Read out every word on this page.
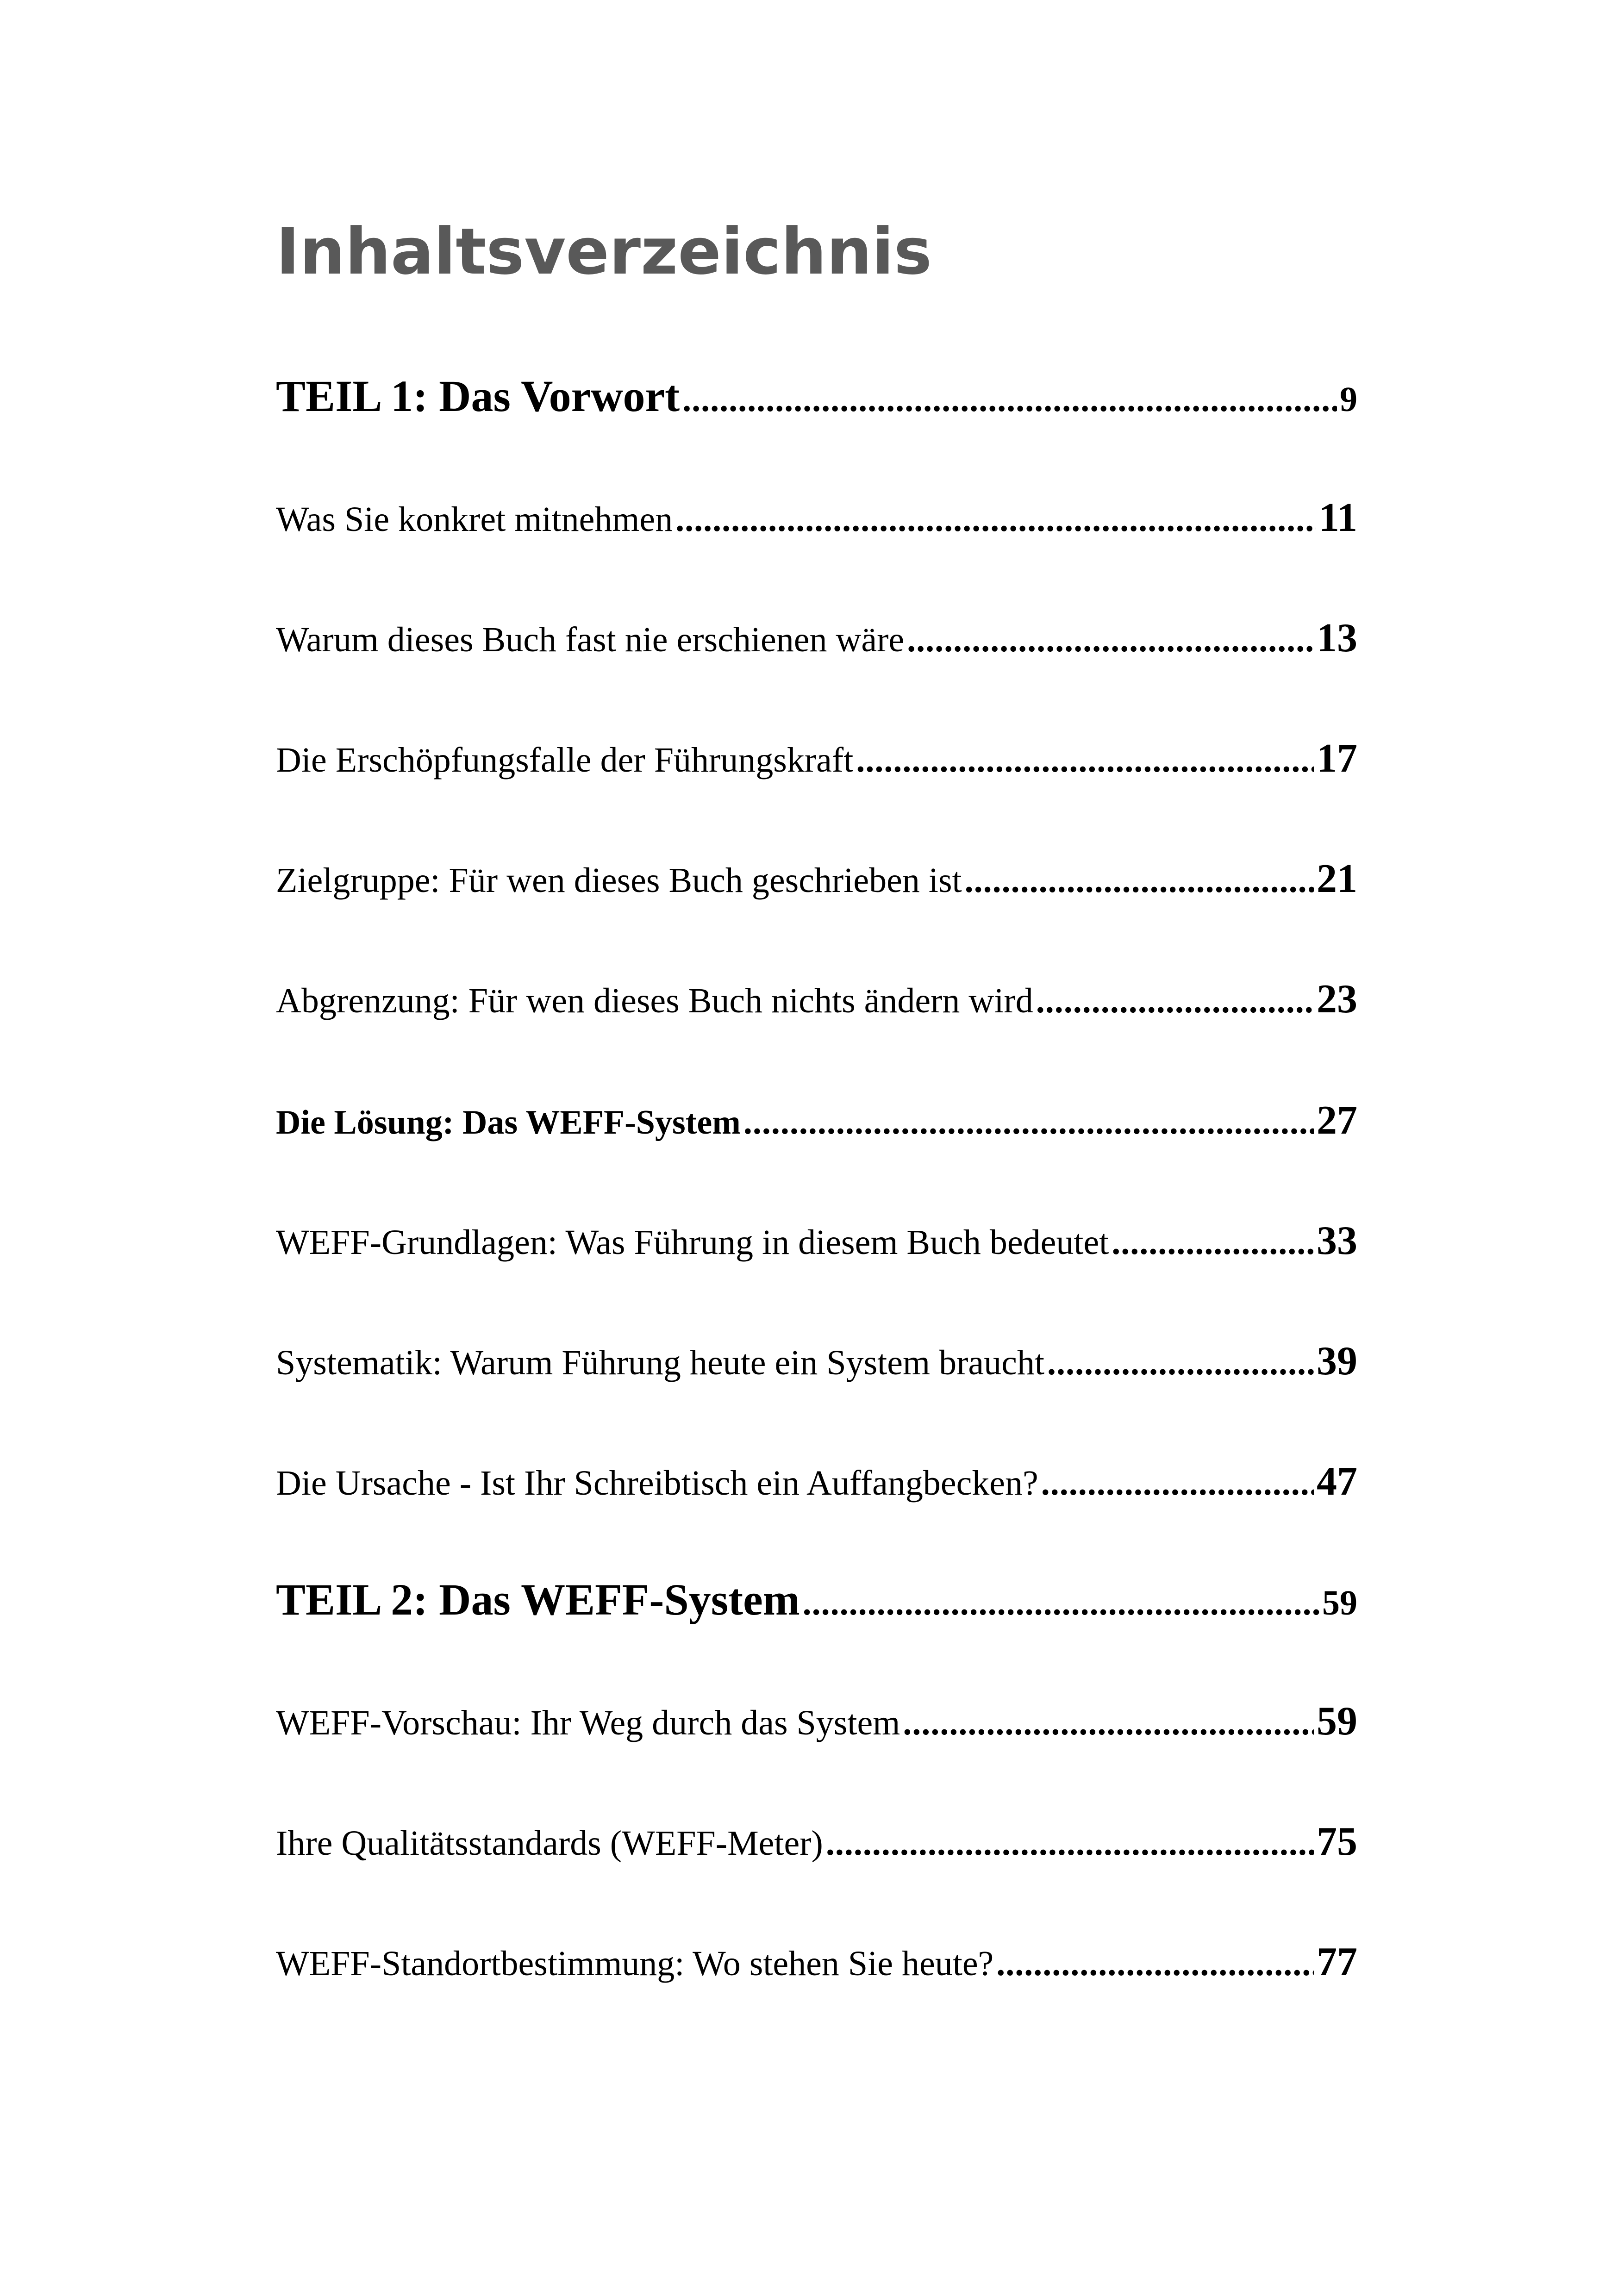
Inhaltsverzeichnis
TEIL 1: Das Vorwort .....	9
Was Sie konkret mitnehmen .....	11
Warum dieses Buch fast nie erschienen wäre .....	13
Die Erschöpfungsfalle der Führungskraft .....	17
Zielgruppe: Für wen dieses Buch geschrieben ist .....	21
Abgrenzung: Für wen dieses Buch nichts ändern wird .....	23
Die Lösung: Das WEFF-System .....	27
WEFF-Grundlagen: Was Führung in diesem Buch bedeutet .....	33
Systematik: Warum Führung heute ein System braucht .....	39
Die Ursache - Ist Ihr Schreibtisch ein Auffangbecken? .....	47
TEIL 2: Das WEFF-System .....	59
WEFF-Vorschau: Ihr Weg durch das System .....	59
Ihre Qualitätsstandards (WEFF-Meter) .....	75
WEFF-Standortbestimmung: Wo stehen Sie heute? .....	77
